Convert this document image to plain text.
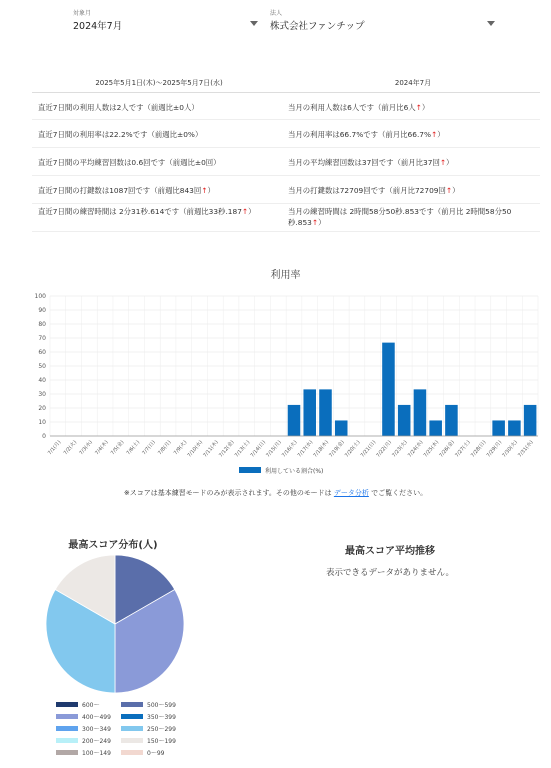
対象月
2024年7月
法人
株式会社ファンチップ
2025年5月1日(木)～2025年5月7日(水)	2024年7月
直近7日間の利用人数は2人です（前週比±0人）	当月の利用人数は6人です（前月比6人↑）
直近7日間の利用率は22.2%です（前週比±0%）	当月の利用率は66.7%です（前月比66.7%↑）
直近7日間の平均練習回数は0.6回です（前週比±0回）	当月の平均練習回数は37回です（前月比37回↑）
直近7日間の打鍵数は1087回です（前週比843回↑）	当月の打鍵数は72709回です（前月比72709回↑）
直近7日間の練習時間は 2分31秒.614です（前週比33秒.187↑）	当月の練習時間は 2時間58分50秒.853です（前月比 2時間58分50秒.853↑）
利用率
0
10
20
30
40
50
60
70
80
90
100
7/1(月) 7/2(火) 7/3(水) 7/4(木) 7/5(金) 7/6(土) 7/7(日) 7/8(月) 7/9(火)
7/10(水)
7/11(木)
7/12(金)
7/13(土)
7/14(日)
7/15(月)
7/16(火)
7/17(水)
7/18(木)
7/19(金)
7/20(土)
7/21(日)
7/22(月)
7/23(火)
7/24(水)
7/25(木)
7/26(金)
7/27(土)
7/28(日)
7/29(月)
7/30(火)
7/31(水)
利用している割合(%)
※スコアは基本練習モードのみが表示されます。その他のモードは データ分析 でご覧ください。
最高スコア分布(人)
600〜	500〜599
400〜499	350〜399
300〜349	250〜299
200〜249	150〜199
100〜149	0〜99
最高スコア平均推移
表示できるデータがありません。
